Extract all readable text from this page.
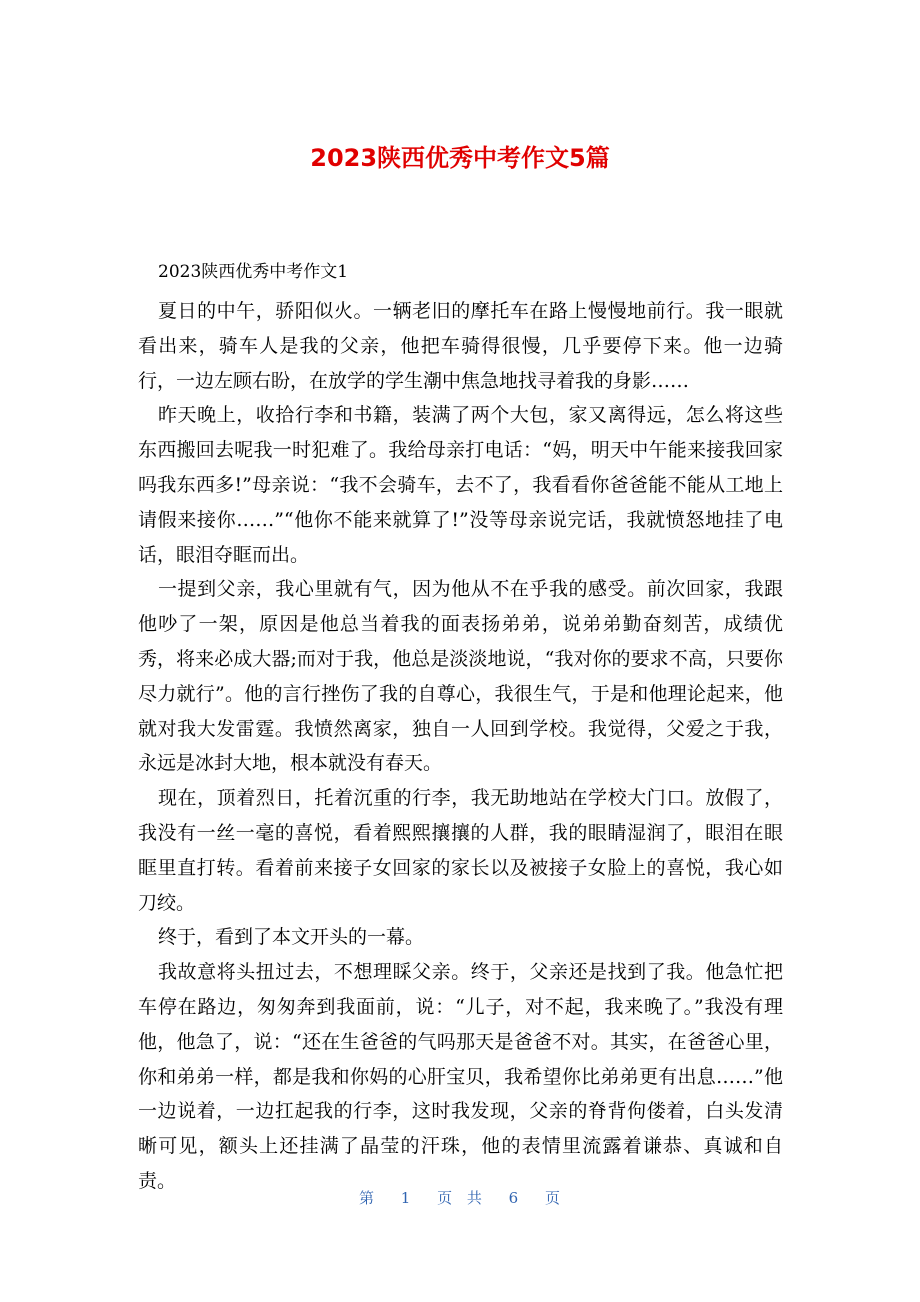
2023陕西优秀中考作文5篇

2023陕西优秀中考作文1

夏日的中午，骄阳似火。一辆老旧的摩托车在路上慢慢地前行。我一眼就看出来，骑车人是我的父亲，他把车骑得很慢，几乎要停下来。他一边骑行，一边左顾右盼，在放学的学生潮中焦急地找寻着我的身影……

昨天晚上，收拾行李和书籍，装满了两个大包，家又离得远，怎么将这些东西搬回去呢我一时犯难了。我给母亲打电话：“妈，明天中午能来接我回家吗我东西多!”母亲说：“我不会骑车，去不了，我看看你爸爸能不能从工地上请假来接你……”“他你不能来就算了!”没等母亲说完话，我就愤怒地挂了电话，眼泪夺眶而出。

一提到父亲，我心里就有气，因为他从不在乎我的感受。前次回家，我跟他吵了一架，原因是他总当着我的面表扬弟弟，说弟弟勤奋刻苦，成绩优秀，将来必成大器;而对于我，他总是淡淡地说，“我对你的要求不高，只要你尽力就行”。他的言行挫伤了我的自尊心，我很生气，于是和他理论起来，他就对我大发雷霆。我愤然离家，独自一人回到学校。我觉得，父爱之于我，永远是冰封大地，根本就没有春天。

现在，顶着烈日，托着沉重的行李，我无助地站在学校大门口。放假了，我没有一丝一毫的喜悦，看着熙熙攘攘的人群，我的眼睛湿润了，眼泪在眼眶里直打转。看着前来接子女回家的家长以及被接子女脸上的喜悦，我心如刀绞。

终于，看到了本文开头的一幕。

我故意将头扭过去，不想理睬父亲。终于，父亲还是找到了我。他急忙把车停在路边，匆匆奔到我面前，说：“儿子，对不起，我来晚了。”我没有理他，他急了，说：“还在生爸爸的气吗那天是爸爸不对。其实，在爸爸心里，你和弟弟一样，都是我和你妈的心肝宝贝，我希望你比弟弟更有出息……”他一边说着，一边扛起我的行李，这时我发现，父亲的脊背佝偻着，白头发清晰可见，额头上还挂满了晶莹的汗珠，他的表情里流露着谦恭、真诚和自责。

第 1 页 共 6 页
